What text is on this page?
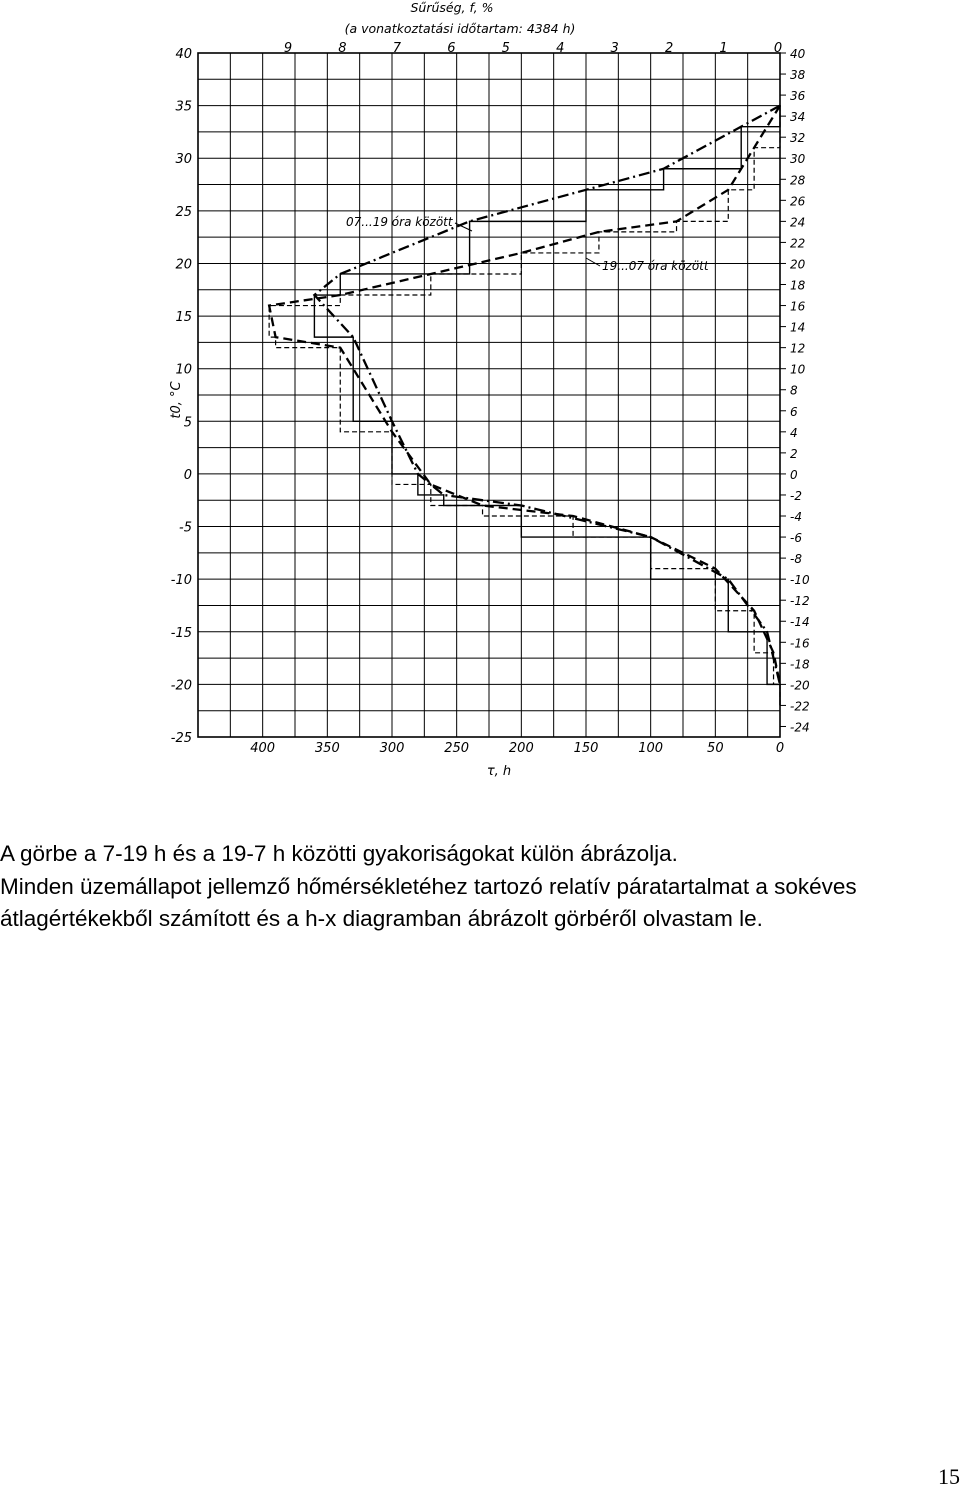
40
35
30
25
20
15
10
5
0
-5
-10
-15
-20
-25
40
38
36
34
32
30
28
26
24
22
20
18
16
14
12
10
8
6
4
2
0
-2
-4
-6
-8
-10
-12
-14
-16
-18
-20
-22
-24
9	8	7	6	5	4	3	2	1	0
400	350	300	250	200	150	100	50	0
Sűrűség, f, %
(a vonatkoztatási időtartam: 4384 h)
t0, °C
τ, h
07...19 óra között
19...07 óra között

A görbe a 7-19 h és a 19-7 h közötti gyakoriságokat külön ábrázolja.

Minden üzemállapot jellemző hőmérsékletéhez tartozó relatív páratartalmat a sokéves átlagértékekből számított és a h-x diagramban ábrázolt görbéről olvastam le.

15
